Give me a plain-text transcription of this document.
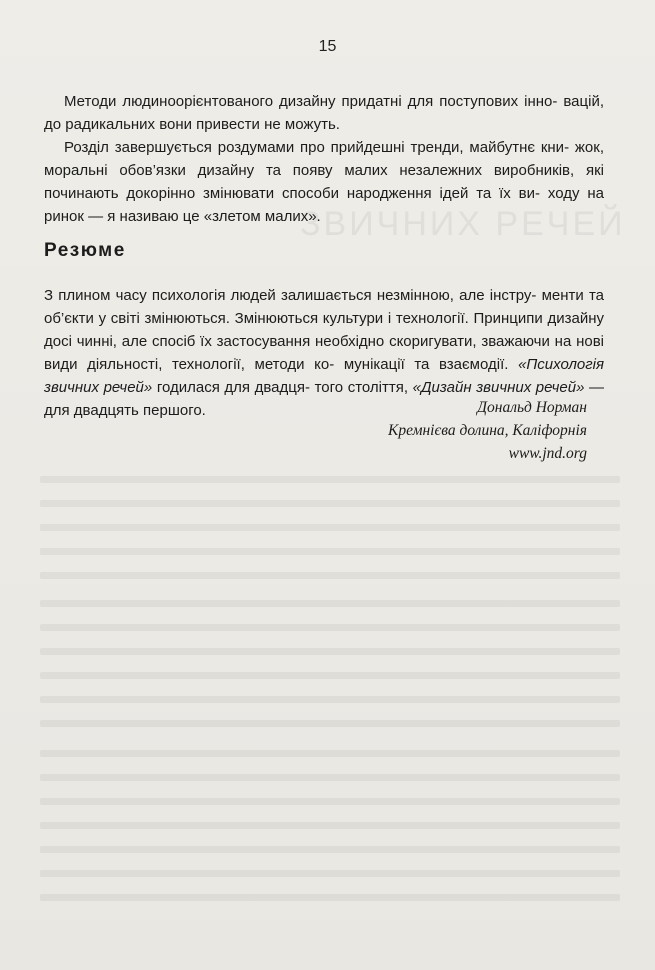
ЗВИЧНИХ РЕЧЕЙ
15
Методи людиноорієнтованого дизайну придатні для поступових інно- вацій, до радикальних вони привести не можуть.
Розділ завершується роздумами про прийдешні тренди, майбутнє кни- жок, моральні обов’язки дизайну та появу малих незалежних виробників, які починають докорінно змінювати способи народження ідей та їх ви- ходу на ринок — я називаю це «злетом малих».
Резюме
З плином часу психологія людей залишається незмінною, але інстру- менти та об’єкти у світі змінюються. Змінюються культури і технології. Принципи дизайну досі чинні, але спосіб їх застосування необхідно скоригувати, зважаючи на нові види діяльності, технології, методи ко- мунікації та взаємодії. «Психологія звичних речей» годилася для двадця- того століття, «Дизайн звичних речей» — для двадцять першого.	Дональд Норман
Кремнієва долина, Каліфорнія
www.jnd.org
